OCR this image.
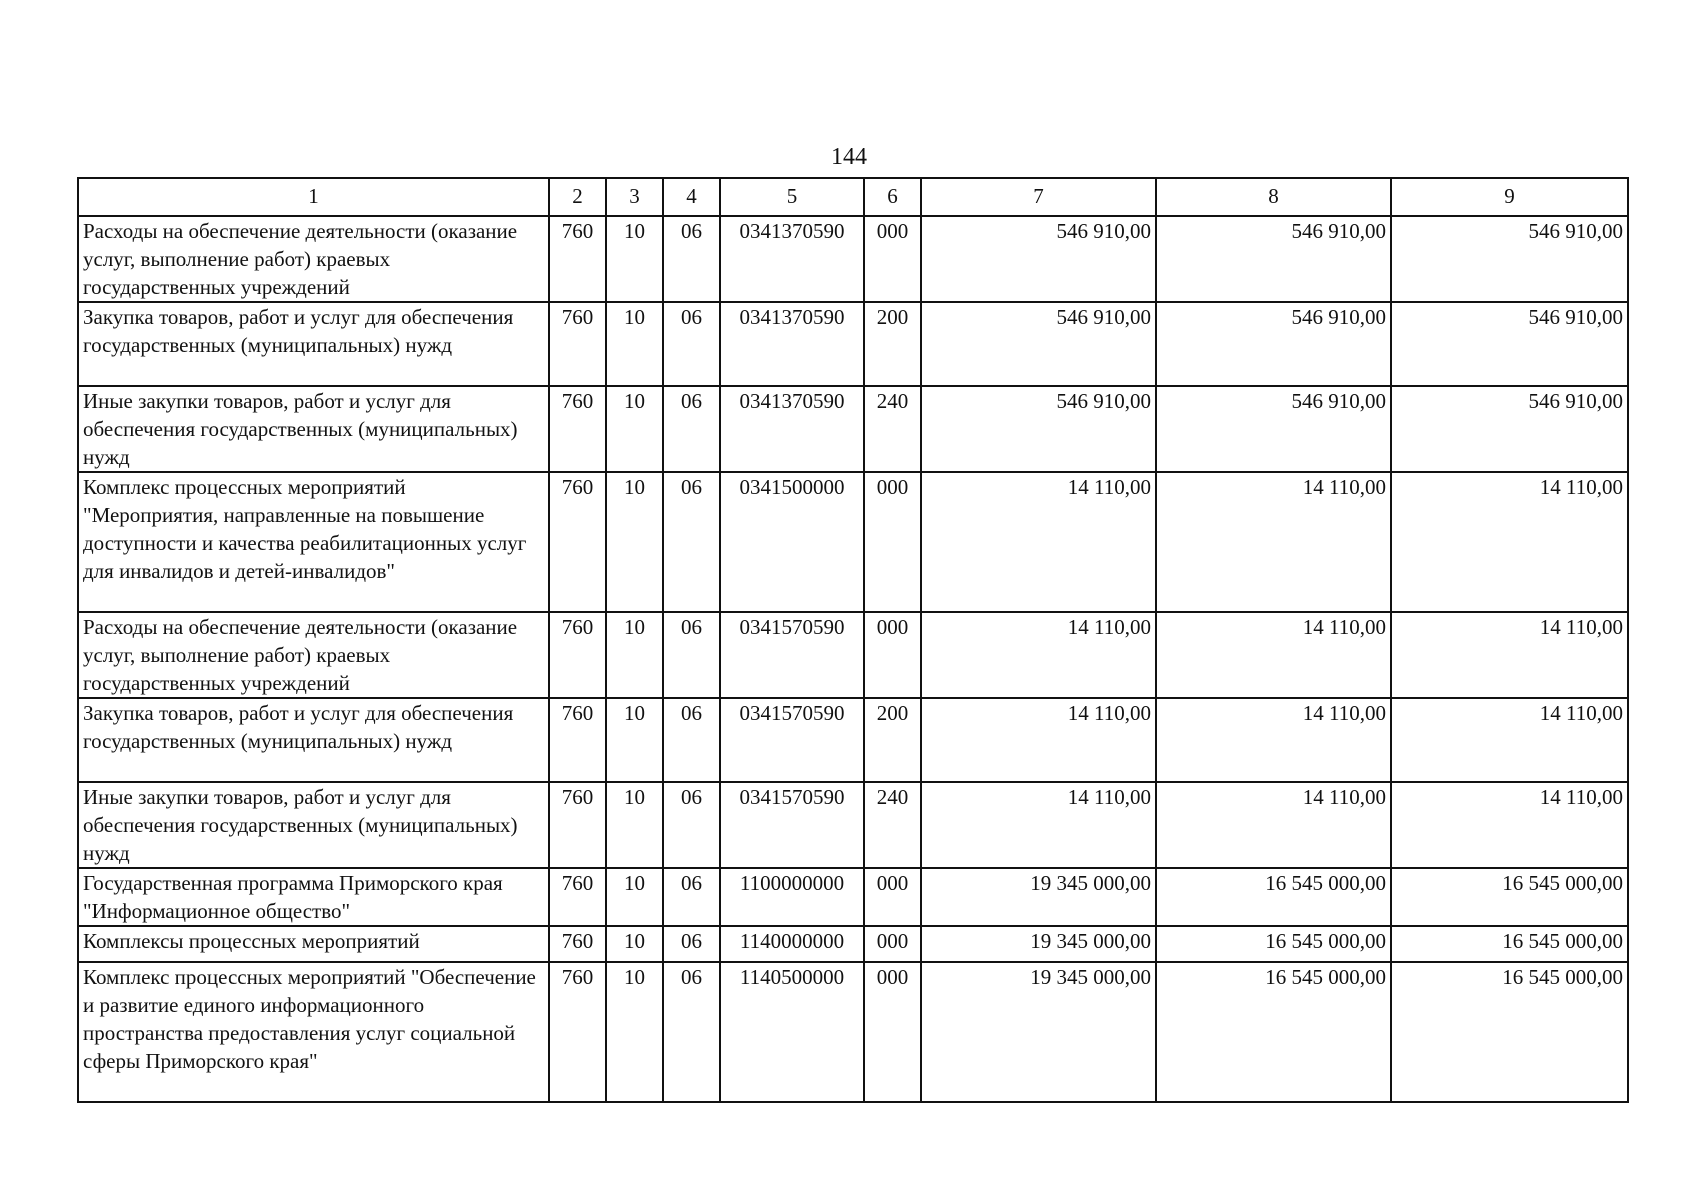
144
1	2	3	4	5	6	7	8	9
Расходы на обеспечение деятельности (оказание услуг, выполнение работ) краевых государственных учреждений	760	10	06	0341370590	000	546 910,00	546 910,00	546 910,00
Закупка товаров, работ и услуг для обеспечения государственных (муниципальных) нужд	760	10	06	0341370590	200	546 910,00	546 910,00	546 910,00
Иные закупки товаров, работ и услуг для обеспечения государственных (муниципальных) нужд	760	10	06	0341370590	240	546 910,00	546 910,00	546 910,00
Комплекс процессных мероприятий "Мероприятия, направленные на повышение доступности и качества реабилитационных услуг для инвалидов и детей-инвалидов"	760	10	06	0341500000	000	14 110,00	14 110,00	14 110,00
Расходы на обеспечение деятельности (оказание услуг, выполнение работ) краевых государственных учреждений	760	10	06	0341570590	000	14 110,00	14 110,00	14 110,00
Закупка товаров, работ и услуг для обеспечения государственных (муниципальных) нужд	760	10	06	0341570590	200	14 110,00	14 110,00	14 110,00
Иные закупки товаров, работ и услуг для обеспечения государственных (муниципальных) нужд	760	10	06	0341570590	240	14 110,00	14 110,00	14 110,00
Государственная программа Приморского края "Информационное общество"	760	10	06	1100000000	000	19 345 000,00	16 545 000,00	16 545 000,00
Комплексы процессных мероприятий	760	10	06	1140000000	000	19 345 000,00	16 545 000,00	16 545 000,00
Комплекс процессных мероприятий "Обеспечение и развитие единого информационного пространства предоставления услуг социальной сферы Приморского края"	760	10	06	1140500000	000	19 345 000,00	16 545 000,00	16 545 000,00
